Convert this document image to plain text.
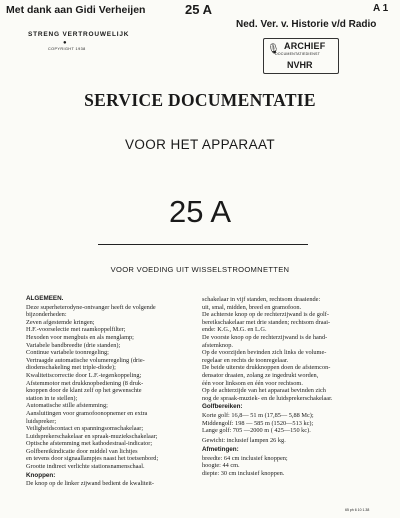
Met dank aan Gidi Verheijen	25 A	A 1
Ned. Ver. v. Historie v/d Radio
🎙 ARCHIEF
DOCUMENTATIEDIENST
NVHR
STRENG VERTROUWELIJK
●
COPYRIGHT 1938
SERVICE DOCUMENTATIE
VOOR HET APPARAAT
25 A
VOOR VOEDING UIT WISSELSTROOMNETTEN

ALGEMEEN.

Deze superheterodyne-ontvanger heeft de volgende

bijzonderheden:

Zeven afgestemde kringen;

H.F.-voorselectie met raamkoppelfilter;

Hexoden voor mengbuis en als menglamp;

Variabele bandbreedte (drie standen);

Continue variabele toonregeling;

Vertraagde automatische volumeregeling (drie-

diodenschakeling met triple-diode);

Kwaliteitscorrectie door L.F.-tegenkoppeling;

Afstemmotor met drukknopbediening (8 druk-

knoppen door de klant zelf op het gewenschte

station in te stellen);

Automatische stille afstemming;

Aansluitingen voor gramofoonopnemer en extra

luidspreker;

Veiligheidscontact en spanningsomschakelaar;

Luidsprekerschakelaar en spraak-muziekschakelaar;

Optische afstemming met kathodestraal-indicator;

Golfbereikindicatie door middel van lichtjes

en tevens door signaallampjes naast het toetsenbord;

Grootte indirect verlichte stationsnamenschaal.

Knoppen:

De knop op de linker zijwand bedient de kwaliteit-

schakelaar in vijf standen, rechtsom draaiende:

uit, smal, midden, breed en gramofoon.

De achterste knop op de rechterzijwand is de golf-

bereikschakelaar met drie standen; rechtsom draai-

ende: K.G., M.G. en L.G.

De voorste knop op de rechterzijwand is de hand-

afstemknop.

Op de voorzijden bevinden zich links de volume-

regelaar en rechts de toonregelaar.

De beide uiterste drukknoppen doen de afstemcon-

densator draaien, zolang ze ingedrukt worden,

één voor linksom en één voor rechtsom.

Op de achterzijde van het apparaat bevinden zich

nog de spraak-muziek- en de luidsprekerschakelaar.

Golfbereiken:

Korte golf: 16,8— 51 m (17,85— 5,88 Mc);

Middengolf: 198 — 585 m (1520—513 kc);

Lange golf: 705 —2000 m ( 425—150 kc).

Gewicht: inclusief lampen 26 kg.

Afmetingen:

breedte: 64 cm inclusief knoppen;

hoogte: 44 cm.

diepte: 30 cm inclusief knoppen.

65 ph 6 10 1.38
